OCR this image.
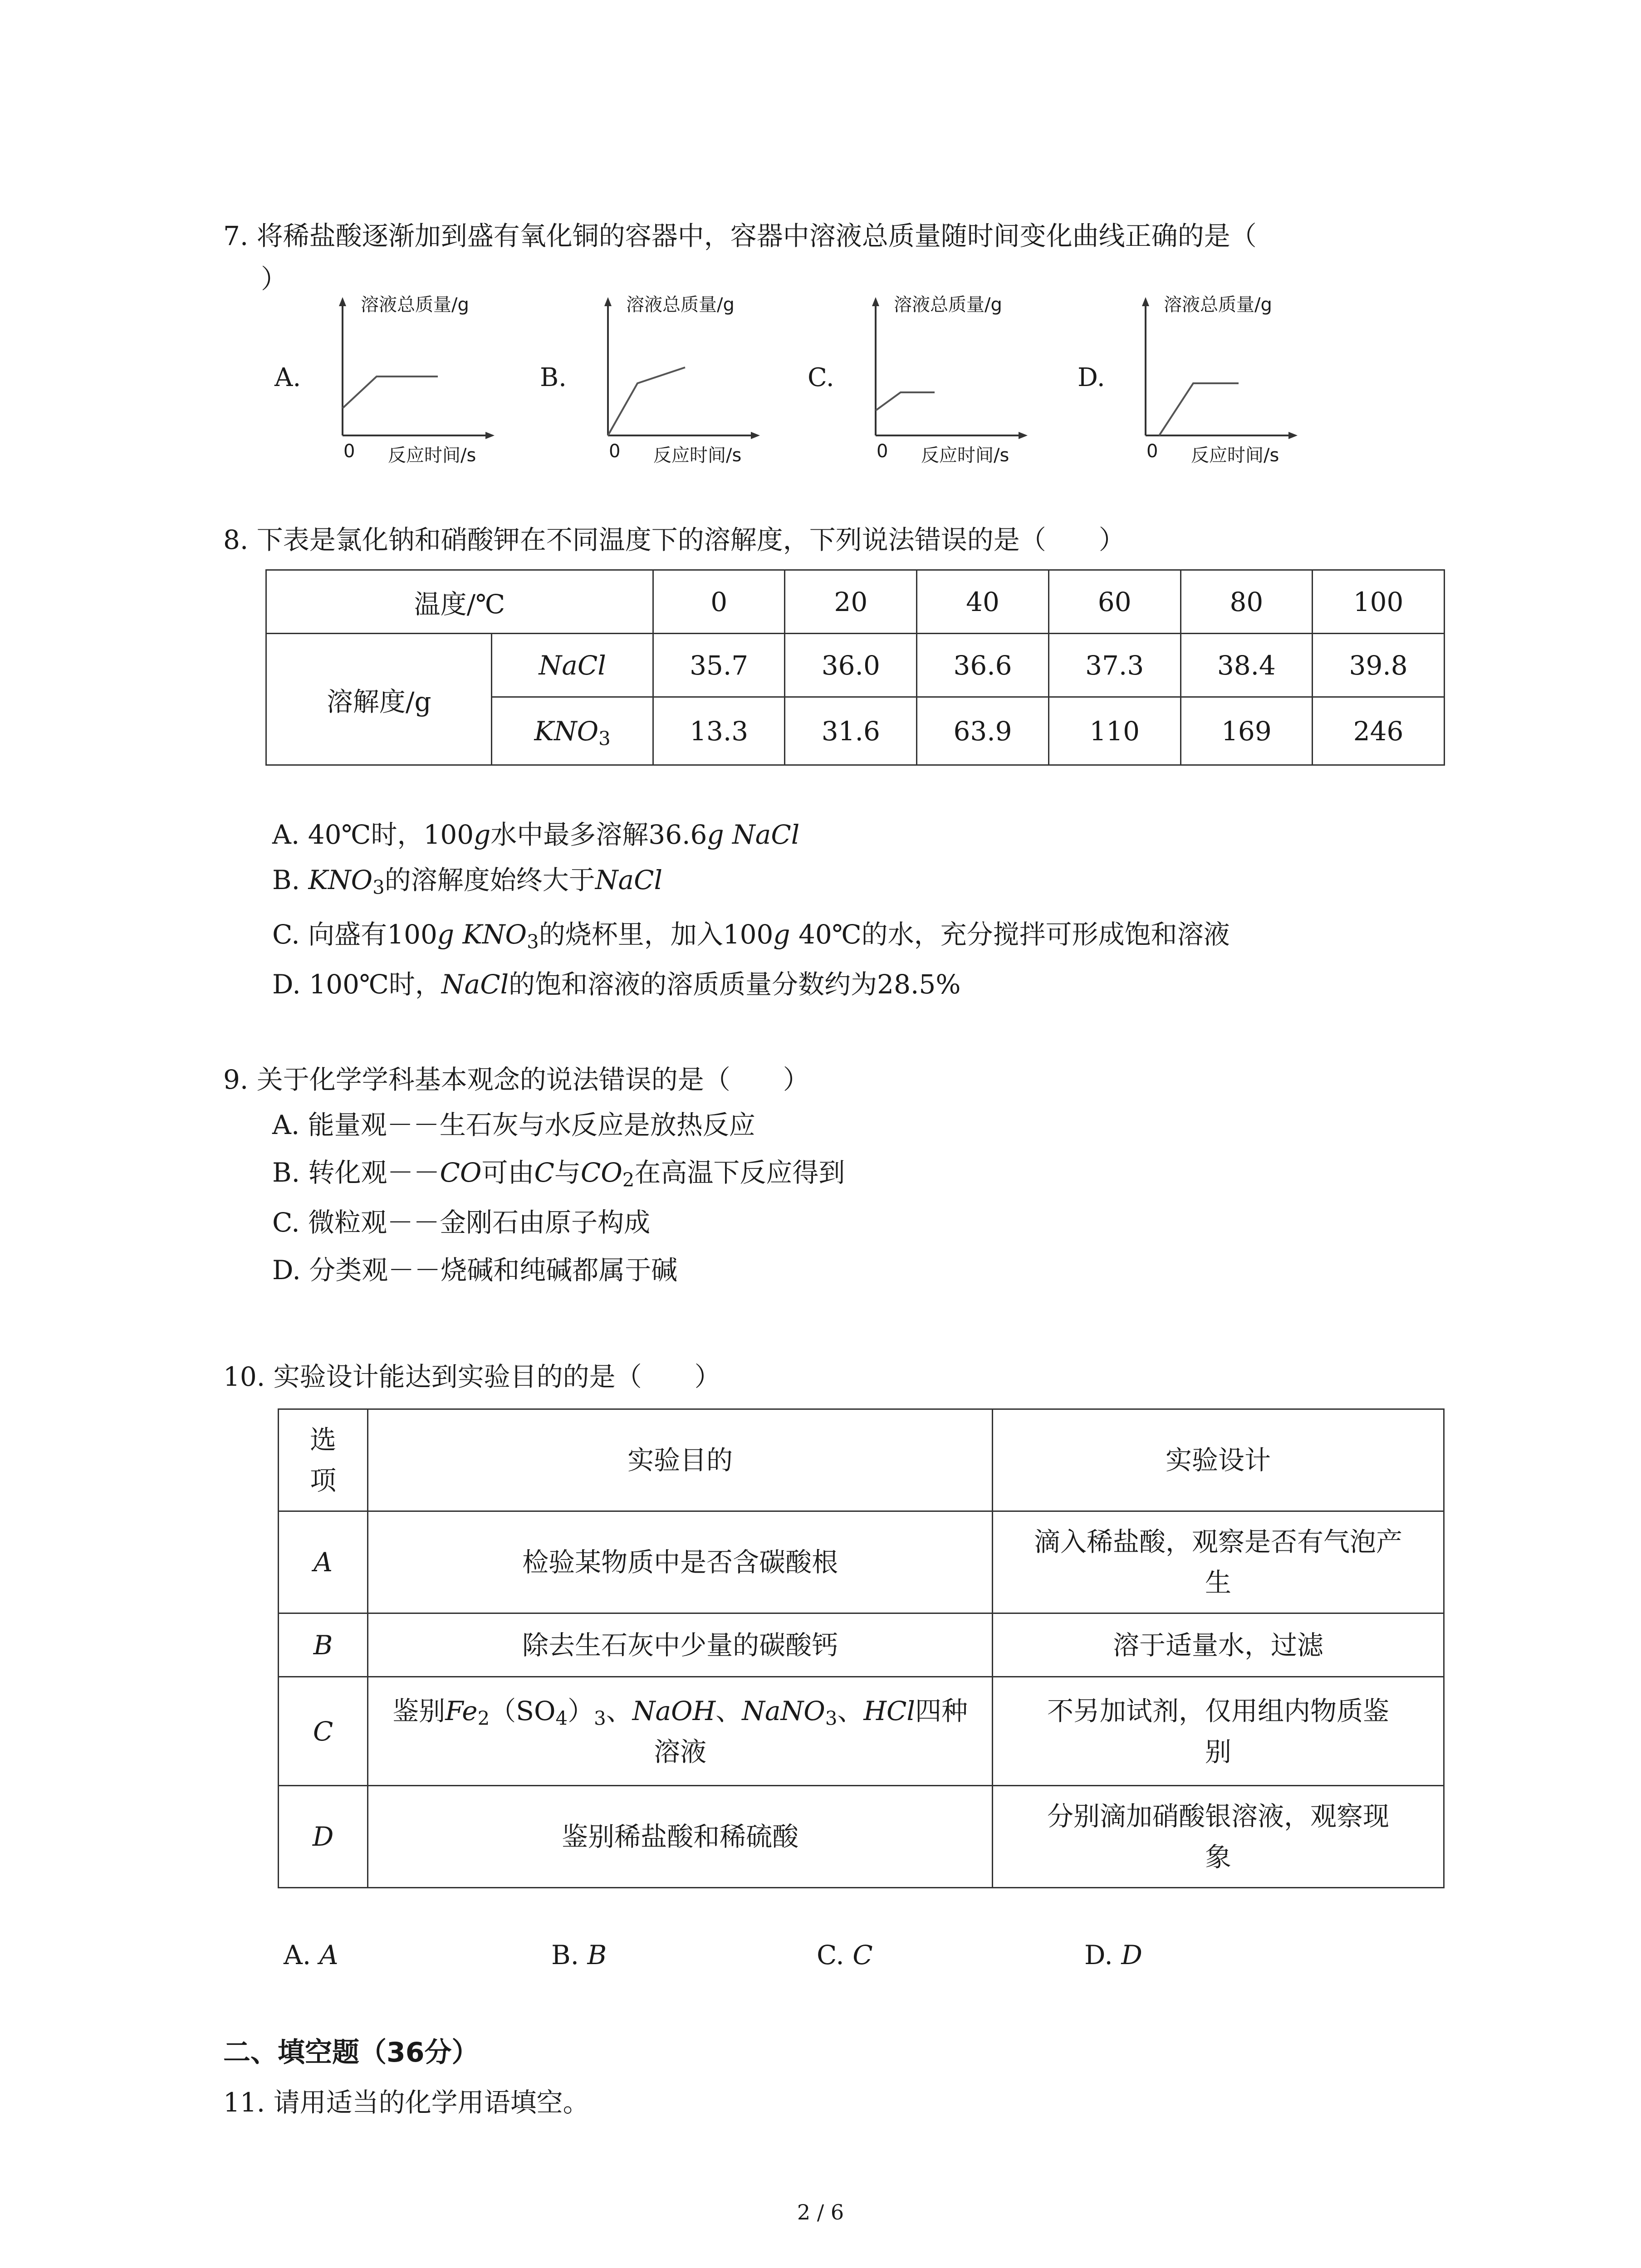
7. 将稀盐酸逐渐加到盛有氧化铜的容器中，容器中溶液总质量随时间变化曲线正确的是（
）
A.
溶液总质量/g
0 反应时间/s
B.
溶液总质量/g
0 反应时间/s
C.
溶液总质量/g
0 反应时间/s
D.
溶液总质量/g
0 反应时间/s
8. 下表是氯化钠和硝酸钾在不同温度下的溶解度，下列说法错误的是（　　）
温度/℃		0	20	40	60	80	100
溶解度/g	NaCl	35.7	36.0	36.6	37.3	38.4	39.8
	$KNO_3$	13.3	31.6	63.9	110	169	246
A. 40℃时，100g水中最多溶解36.6g NaCl
B. $KNO_3$的溶解度始终大于NaCl
C. 向盛有100g $KNO_3$的烧杯里，加入100g 40℃的水，充分搅拌可形成饱和溶液
D. 100℃时，NaCl的饱和溶液的溶质质量分数约为28.5%
9. 关于化学学科基本观念的说法错误的是（　　）
A. 能量观－－生石灰与水反应是放热反应
B. 转化观－－CO可由C与$CO_2$在高温下反应得到
C. 微粒观－－金刚石由原子构成
D. 分类观－－烧碱和纯碱都属于碱
10. 实验设计能达到实验目的的是（　　）
选
项	实验目的	实验设计
A	检验某物质中是否含碳酸根	滴入稀盐酸，观察是否有气泡产
生
B	除去生石灰中少量的碳酸钙	溶于适量水，过滤
C	鉴别$Fe_2(SO_4)_3$、NaOH、NaNO$_3$、HCl四种
溶液	不另加试剂，仅用组内物质鉴
别
D	鉴别稀盐酸和稀硫酸	分别滴加硝酸银溶液，观察现
象
A. A	B. B	C. C	D. D
二、填空题（36分）
11. 请用适当的化学用语填空。
2 / 6
